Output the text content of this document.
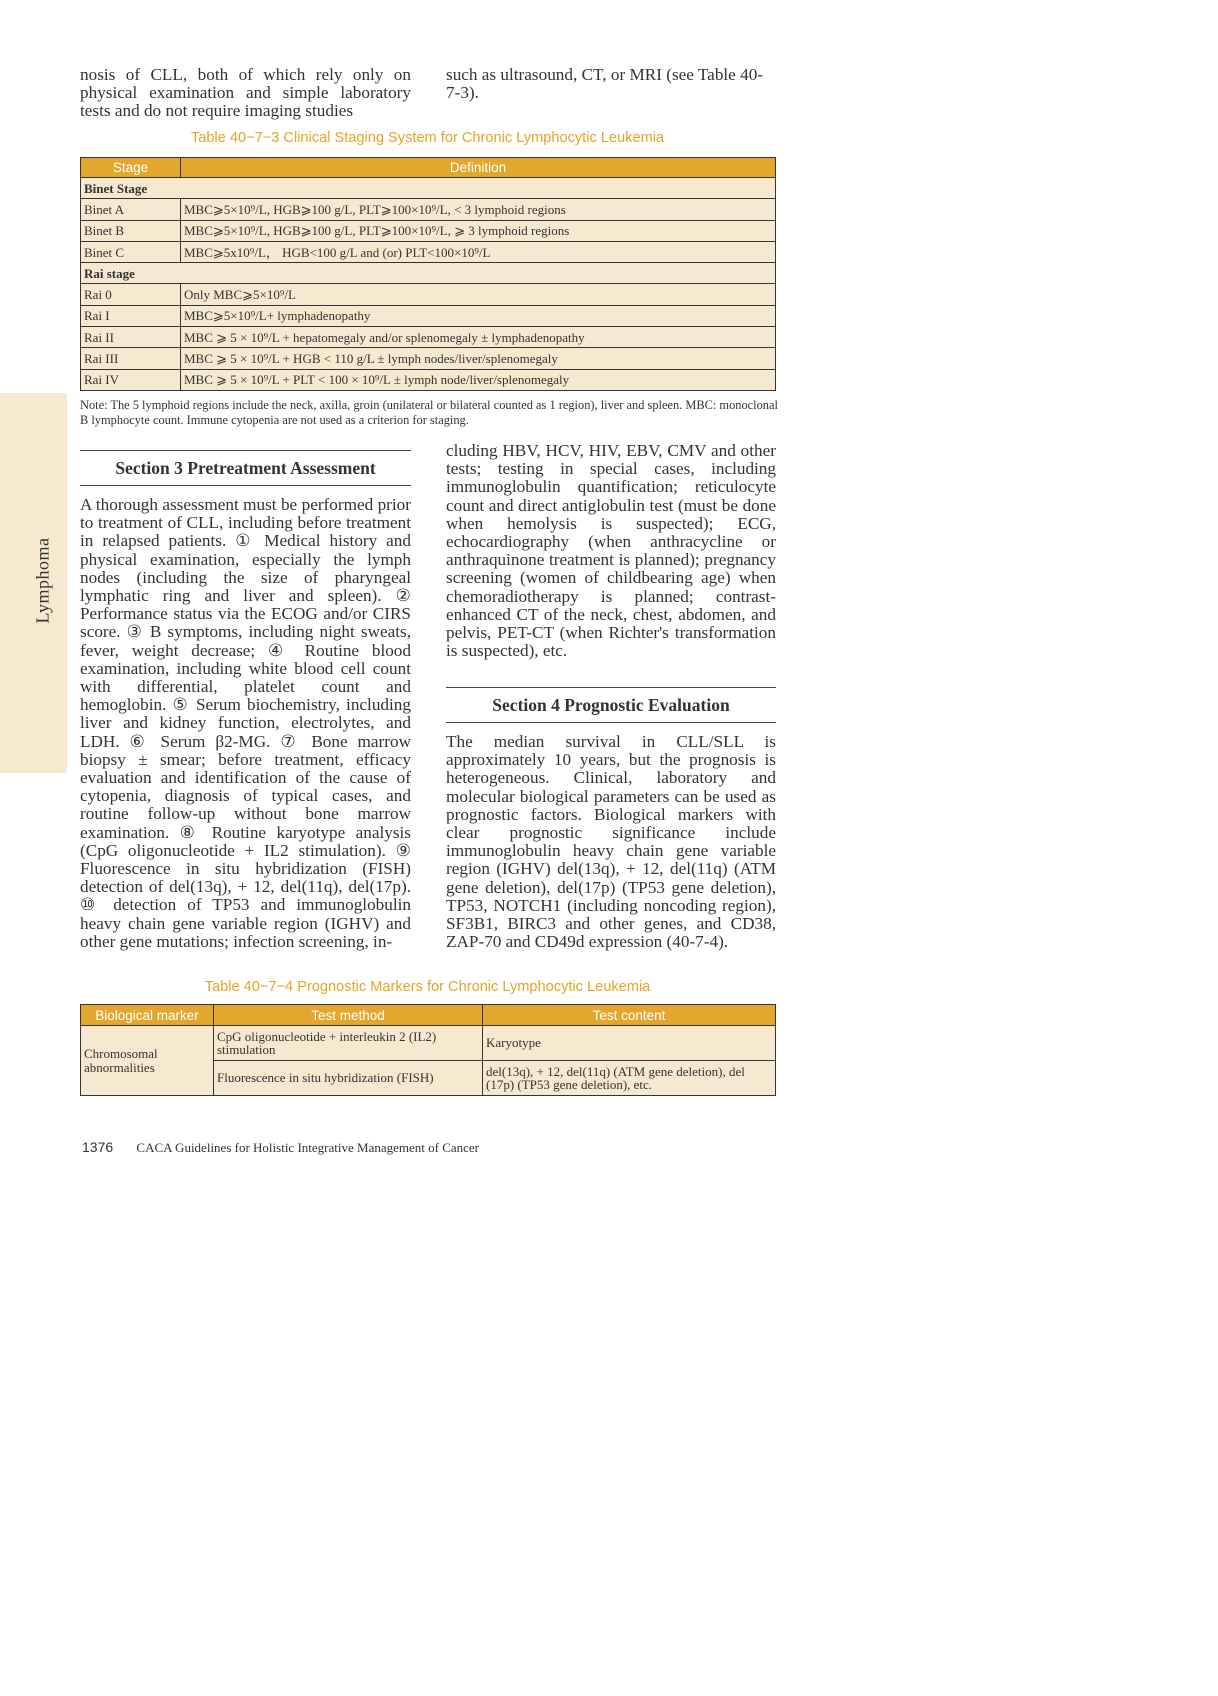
Lymphoma

nosis of CLL, both of which rely only on physical examination and simple laboratory tests and do not require imaging studies

such as ultrasound, CT, or MRI (see Table 40-7-3).

Table 40−7−3 Clinical Staging System for Chronic Lymphocytic Leukemia
Stage	Definition
Binet Stage	
Binet A	MBC⩾5×10⁹/L, HGB⩾100 g/L, PLT⩾100×10⁹/L, < 3 lymphoid regions
Binet B	MBC⩾5×10⁹/L, HGB⩾100 g/L, PLT⩾100×10⁹/L, ⩾ 3 lymphoid regions
Binet C	MBC⩾5x10⁹/L， HGB<100 g/L and (or) PLT<100×10⁹/L
Rai stage	
Rai 0	Only MBC⩾5×10⁹/L
Rai I	MBC⩾5×10⁹/L+ lymphadenopathy
Rai II	MBC ⩾ 5 × 10⁹/L + hepatomegaly and/or splenomegaly ± lymphadenopathy
Rai III	MBC ⩾ 5 × 10⁹/L + HGB < 110 g/L ± lymph nodes/liver/splenomegaly
Rai IV	MBC ⩾ 5 × 10⁹/L + PLT < 100 × 10⁹/L ± lymph node/liver/splenomegaly
Note: The 5 lymphoid regions include the neck, axilla, groin (unilateral or bilateral counted as 1 region), liver and spleen. MBC: monoclonal B lymphocyte count. Immune cytopenia are not used as a criterion for staging.
Section 3 Pretreatment Assessment

A thorough assessment must be performed prior to treatment of CLL, including before treatment in relapsed patients. ① Medical history and physical examination, especially the lymph nodes (including the size of pharyngeal lymphatic ring and liver and spleen). ② Performance status via the ECOG and/or CIRS score. ③ B symptoms, including night sweats, fever, weight decrease; ④ Routine blood examination, including white blood cell count with differential, platelet count and hemoglobin. ⑤ Serum biochemistry, including liver and kidney function, electrolytes, and LDH. ⑥ Serum β2-MG. ⑦ Bone marrow biopsy ± smear; before treatment, efficacy evaluation and identification of the cause of cytopenia, diagnosis of typical cases, and routine follow-up without bone marrow examination. ⑧ Routine karyotype analysis (CpG oligonucleotide + IL2 stimulation). ⑨ Fluorescence in situ hybridization (FISH) detection of del(13q), + 12, del(11q), del(17p). ⑩ detection of TP53 and immunoglobulin heavy chain gene variable region (IGHV) and other gene mutations; infection screening, in-

cluding HBV, HCV, HIV, EBV, CMV and other tests; testing in special cases, including immunoglobulin quantification; reticulocyte count and direct antiglobulin test (must be done when hemolysis is suspected); ECG, echocardiography (when anthracycline or anthraquinone treatment is planned); pregnancy screening (women of childbearing age) when chemoradiotherapy is planned; contrast-enhanced CT of the neck, chest, abdomen, and pelvis, PET-CT (when Richter's transformation is suspected), etc.

Section 4 Prognostic Evaluation

The median survival in CLL/SLL is approximately 10 years, but the prognosis is heterogeneous. Clinical, laboratory and molecular biological parameters can be used as prognostic factors. Biological markers with clear prognostic significance include immunoglobulin heavy chain gene variable region (IGHV) del(13q), + 12, del(11q) (ATM gene deletion), del(17p) (TP53 gene deletion), TP53, NOTCH1 (including noncoding region), SF3B1, BIRC3 and other genes, and CD38, ZAP-70 and CD49d expression (40-7-4).

Table 40−7−4 Prognostic Markers for Chronic Lymphocytic Leukemia
Biological marker	Test method	Test content
Chromosomal abnormalities	CpG oligonucleotide + interleukin 2 (IL2) stimulation	Karyotype
	Fluorescence in situ hybridization (FISH)	del(13q), + 12, del(11q) (ATM gene deletion), del (17p) (TP53 gene deletion), etc.
1376 CACA Guidelines for Holistic Integrative Management of Cancer
